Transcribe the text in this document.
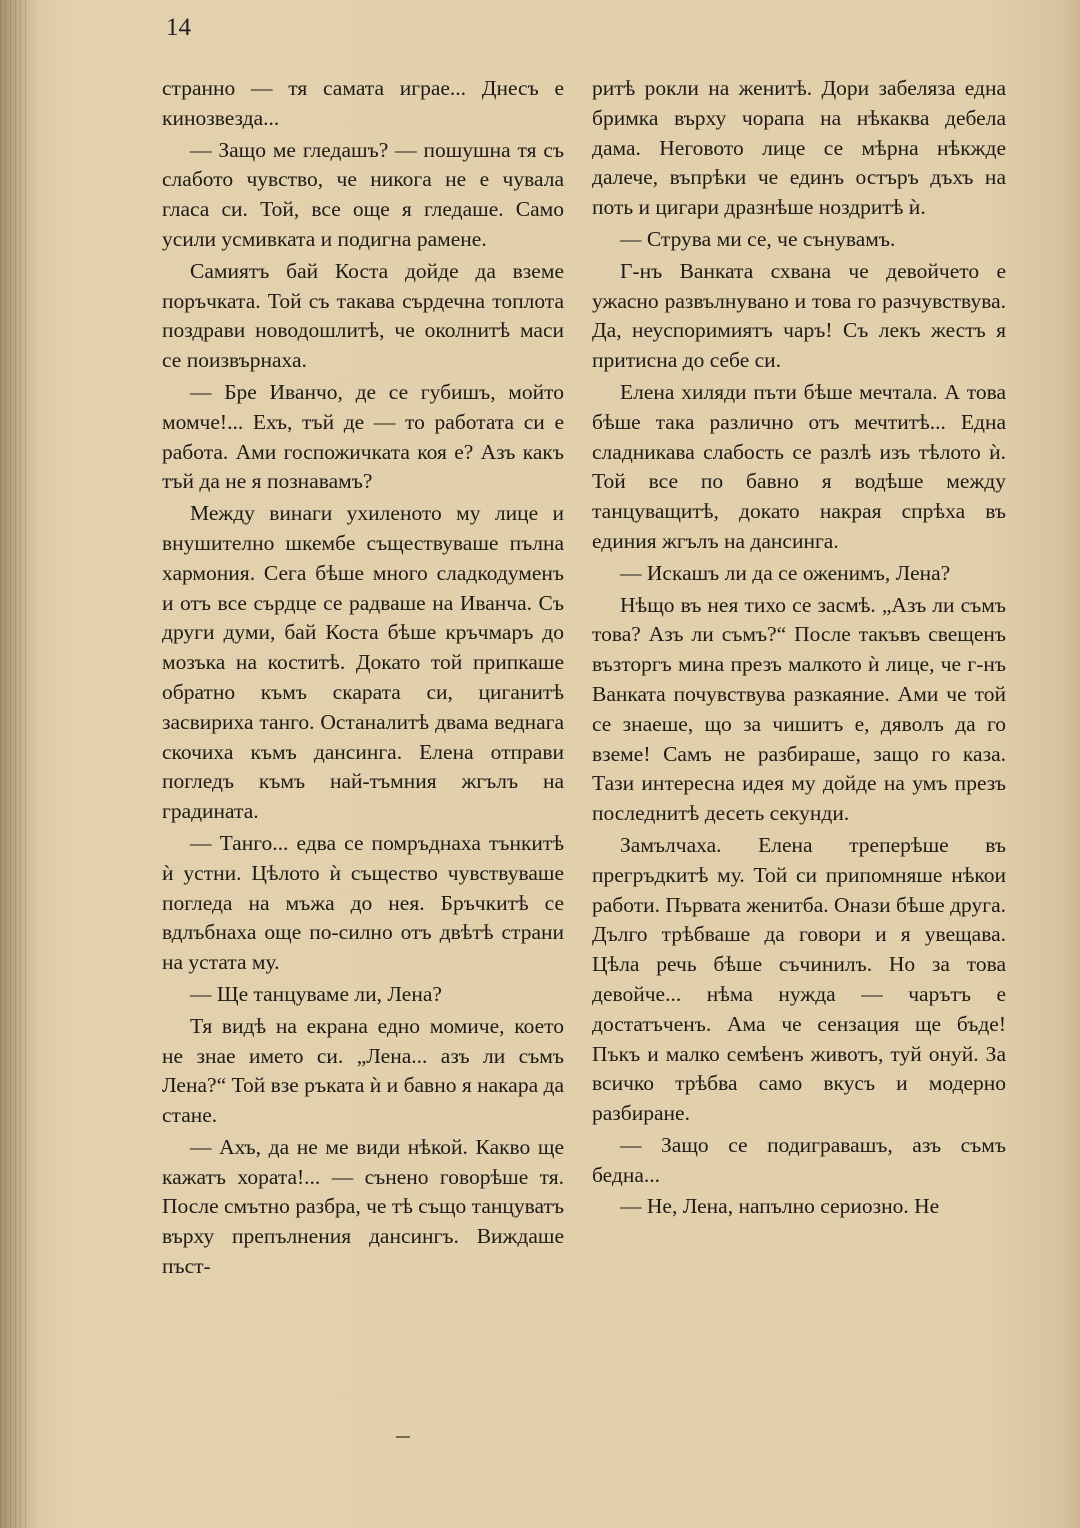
14

странно — тя самата играе... Днесъ е кинозвезда...

— Защо ме гледашъ? — пошушна тя съ слабото чувство, че никога не е чувала гласа си. Той, все още я гледаше. Само усили усмивката и подигна рамене.

Самиятъ бай Коста дойде да вземе поръчката. Той съ такава сърдечна топлота поздрави новодошлитѣ, че околнитѣ маси се поизвърнаха.

— Бре Иванчо, де се губишъ, мойто момче!... Ехъ, тъй де — то работата си е работа. Ами госпожичката коя е? Азъ какъ тъй да не я познавамъ?

Между винаги ухиленото му лице и внушително шкембе съществуваше пълна хармония. Сега бѣше много сладкодуменъ и отъ все сърдце се радваше на Иванча. Съ други думи, бай Коста бѣше кръчмаръ до мозъка на коститѣ. Докато той припкаше обратно къмъ скарата си, циганитѣ засвириха танго. Останалитѣ двама веднага скочиха къмъ дансинга. Елена отправи погледъ къмъ най-тъмния жгълъ на градината.

— Танго... едва се помръднаха тънкитѣ ѝ устни. Цѣлото ѝ същество чувствуваше погледа на мъжа до нея. Бръчкитѣ се вдлъбнаха още по-силно отъ двѣтѣ страни на устата му.

— Ще танцуваме ли, Лена?

Тя видѣ на екрана едно момиче, което не знае името си. „Лена... азъ ли съмъ Лена?“ Той взе ръката ѝ и бавно я накара да стане.

— Ахъ, да не ме види нѣкой. Какво ще кажатъ хората!... — сънено говорѣше тя. После смътно разбра, че тѣ също танцуватъ върху препълнения дансингъ. Виждаше пъст-

ритѣ рокли на женитѣ. Дори забеляза една бримка върху чорапа на нѣкаква дебела дама. Неговото лице се мѣрна нѣкжде далече, въпрѣки че единъ остъръ дъхъ на поть и цигари дразнѣше ноздритѣ ѝ.

— Струва ми се, че сънувамъ.

Г-нъ Ванката схвана че девойчето е ужасно развълнувано и това го разчувствува. Да, неуспоримиятъ чаръ! Съ лекъ жестъ я притисна до себе си.

Елена хиляди пъти бѣше мечтала. А това бѣше така различно отъ мечтитѣ... Една сладникава слабость се разлѣ изъ тѣлото ѝ. Той все по бавно я водѣше между танцуващитѣ, докато накрая спрѣха въ единия жгълъ на дансинга.

— Искашъ ли да се оженимъ, Лена?

Нѣщо въ нея тихо се засмѣ. „Азъ ли съмъ това? Азъ ли съмъ?“ После такъвъ свещенъ възторгъ мина презъ малкото ѝ лице, че г-нъ Ванката почувствува разкаяние. Ами че той се знаеше, що за чишитъ е, дяволъ да го вземе! Самъ не разбираше, защо го каза. Тази интересна идея му дойде на умъ презъ последнитѣ десеть секунди.

Замълчаха. Елена треперѣше въ прегръдкитѣ му. Той си припомняше нѣкои работи. Първата женитба. Онази бѣше друга. Дълго трѣбваше да говори и я увещава. Цѣла речь бѣше съчинилъ. Но за това девойче... нѣма нужда — чарътъ е достатъченъ. Ама че сензация ще бъде! Пъкъ и малко семѣенъ животъ, туй онуй. За всичко трѣбва само вкусъ и модерно разбиране.

— Защо се подигравашъ, азъ съмъ бедна...

— Не, Лена, напълно сериозно. Не
